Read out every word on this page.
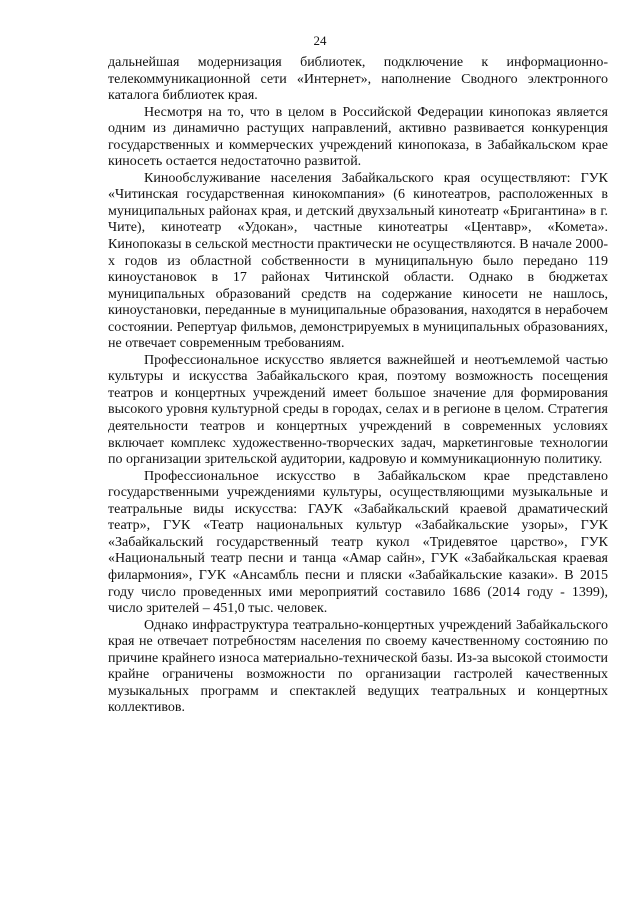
24

дальнейшая модернизация библиотек, подключение к информационно-телекоммуникационной сети «Интернет», наполнение Сводного электронного каталога библиотек края.

Несмотря на то, что в целом в Российской Федерации кинопоказ является одним из динамично растущих направлений, активно развивается конкуренция государственных и коммерческих учреждений кинопоказа, в Забайкальском крае киносеть остается недостаточно развитой.

Кинообслуживание населения Забайкальского края осуществляют: ГУК «Читинская государственная кинокомпания» (6 кинотеатров, расположенных в муниципальных районах края, и детский двухзальный кинотеатр «Бригантина» в г. Чите), кинотеатр «Удокан», частные кинотеатры «Центавр», «Комета». Кинопоказы в сельской местности практически не осуществляются. В начале 2000-х годов из областной собственности в муниципальную было передано 119 киноустановок в 17 районах Читинской области. Однако в бюджетах муниципальных образований средств на содержание киносети не нашлось, киноустановки, переданные в муниципальные образования, находятся в нерабочем состоянии. Репертуар фильмов, демонстрируемых в муниципальных образованиях, не отвечает современным требованиям.

Профессиональное искусство является важнейшей и неотъемлемой частью культуры и искусства Забайкальского края, поэтому возможность посещения театров и концертных учреждений имеет большое значение для формирования высокого уровня культурной среды в городах, селах и в регионе в целом. Стратегия деятельности театров и концертных учреждений в современных условиях включает комплекс художественно-творческих задач, маркетинговые технологии по организации зрительской аудитории, кадровую и коммуникационную политику.

Профессиональное искусство в Забайкальском крае представлено государственными учреждениями культуры, осуществляющими музыкальные и театральные виды искусства: ГАУК «Забайкальский краевой драматический театр», ГУК «Театр национальных культур «Забайкальские узоры», ГУК «Забайкальский государственный театр кукол «Тридевятое царство», ГУК «Национальный театр песни и танца «Амар сайн», ГУК «Забайкальская краевая филармония», ГУК «Ансамбль песни и пляски «Забайкальские казаки». В 2015 году число проведенных ими мероприятий составило 1686 (2014 году - 1399), число зрителей – 451,0 тыс. человек.

Однако инфраструктура театрально-концертных учреждений Забайкальского края не отвечает потребностям населения по своему качественному состоянию по причине крайнего износа материально-технической базы. Из-за высокой стоимости крайне ограничены возможности по организации гастролей качественных музыкальных программ и спектаклей ведущих театральных и концертных коллективов.
